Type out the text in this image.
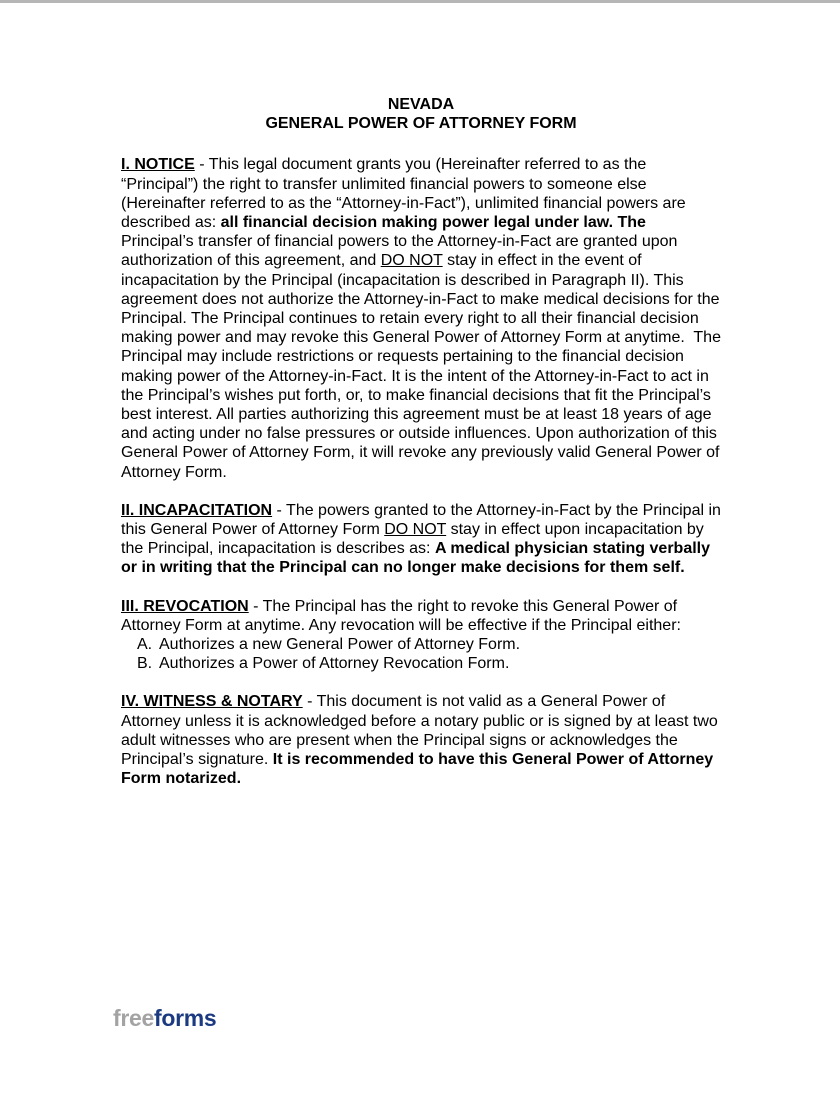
NEVADA
GENERAL POWER OF ATTORNEY FORM

I. NOTICE - This legal document grants you (Hereinafter referred to as the “Principal”) the right to transfer unlimited financial powers to someone else (Hereinafter referred to as the “Attorney-in-Fact”), unlimited financial powers are described as: all financial decision making power legal under law. The Principal’s transfer of financial powers to the Attorney-in-Fact are granted upon authorization of this agreement, and DO NOT stay in effect in the event of incapacitation by the Principal (incapacitation is described in Paragraph II). This agreement does not authorize the Attorney-in-Fact to make medical decisions for the Principal. The Principal continues to retain every right to all their financial decision making power and may revoke this General Power of Attorney Form at anytime.  The Principal may include restrictions or requests pertaining to the financial decision making power of the Attorney-in-Fact. It is the intent of the Attorney-in-Fact to act in the Principal’s wishes put forth, or, to make financial decisions that fit the Principal’s best interest. All parties authorizing this agreement must be at least 18 years of age and acting under no false pressures or outside influences. Upon authorization of this General Power of Attorney Form, it will revoke any previously valid General Power of Attorney Form.

II. INCAPACITATION - The powers granted to the Attorney-in-Fact by the Principal in this General Power of Attorney Form DO NOT stay in effect upon incapacitation by the Principal, incapacitation is describes as: A medical physician stating verbally or in writing that the Principal can no longer make decisions for them self.

III. REVOCATION - The Principal has the right to revoke this General Power of Attorney Form at anytime. Any revocation will be effective if the Principal either:

A. Authorizes a new General Power of Attorney Form.
B. Authorizes a Power of Attorney Revocation Form.

IV. WITNESS & NOTARY - This document is not valid as a General Power of Attorney unless it is acknowledged before a notary public or is signed by at least two adult witnesses who are present when the Principal signs or acknowledges the Principal’s signature. It is recommended to have this General Power of Attorney Form notarized.

freeforms
